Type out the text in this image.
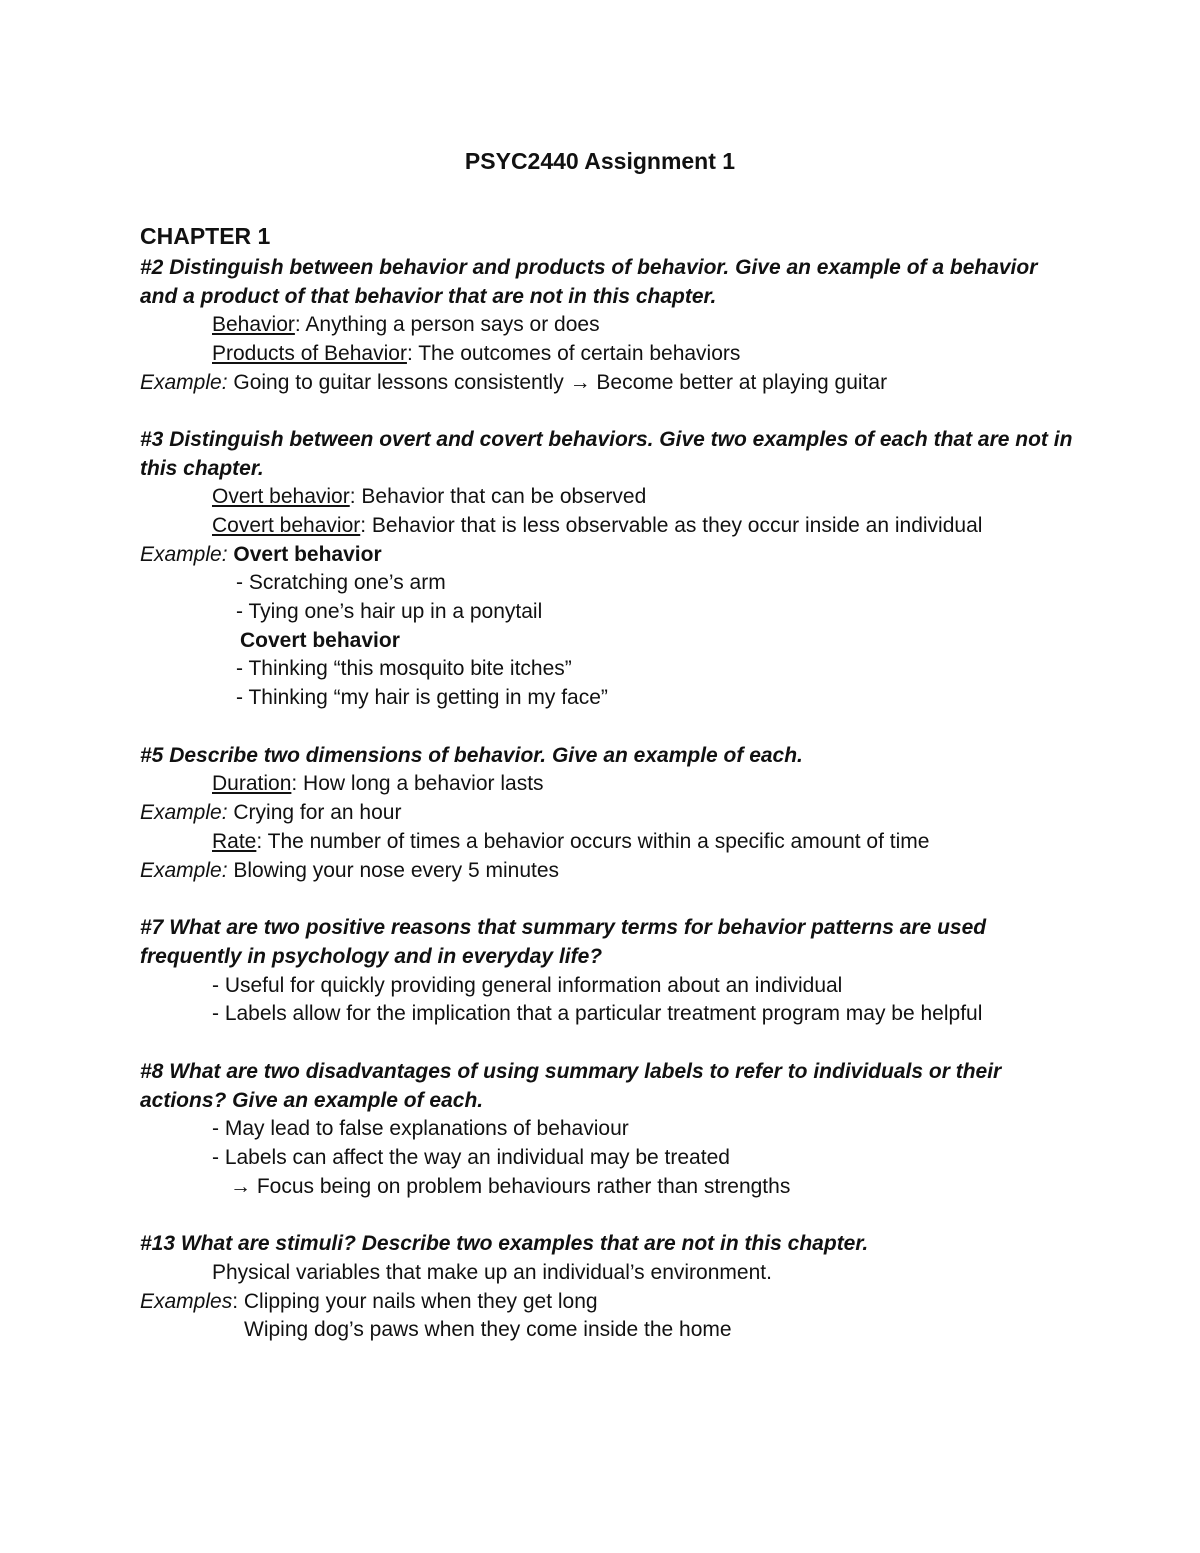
PSYC2440 Assignment 1
CHAPTER 1
#2 Distinguish between behavior and products of behavior. Give an example of a behavior
and a product of that behavior that are not in this chapter.
Behavior: Anything a person says or does
Products of Behavior: The outcomes of certain behaviors
Example: Going to guitar lessons consistently → Become better at playing guitar
#3 Distinguish between overt and covert behaviors. Give two examples of each that are not in
this chapter.
Overt behavior: Behavior that can be observed
Covert behavior: Behavior that is less observable as they occur inside an individual
Example: Overt behavior
- Scratching one’s arm
- Tying one’s hair up in a ponytail
Covert behavior
- Thinking “this mosquito bite itches”
- Thinking “my hair is getting in my face”
#5 Describe two dimensions of behavior. Give an example of each.
Duration: How long a behavior lasts
Example: Crying for an hour
Rate: The number of times a behavior occurs within a specific amount of time
Example: Blowing your nose every 5 minutes
#7 What are two positive reasons that summary terms for behavior patterns are used
frequently in psychology and in everyday life?
- Useful for quickly providing general information about an individual
- Labels allow for the implication that a particular treatment program may be helpful
#8 What are two disadvantages of using summary labels to refer to individuals or their
actions? Give an example of each.
- May lead to false explanations of behaviour
- Labels can affect the way an individual may be treated
→ Focus being on problem behaviours rather than strengths
#13 What are stimuli? Describe two examples that are not in this chapter.
Physical variables that make up an individual’s environment.
Examples: Clipping your nails when they get long
Wiping dog’s paws when they come inside the home
